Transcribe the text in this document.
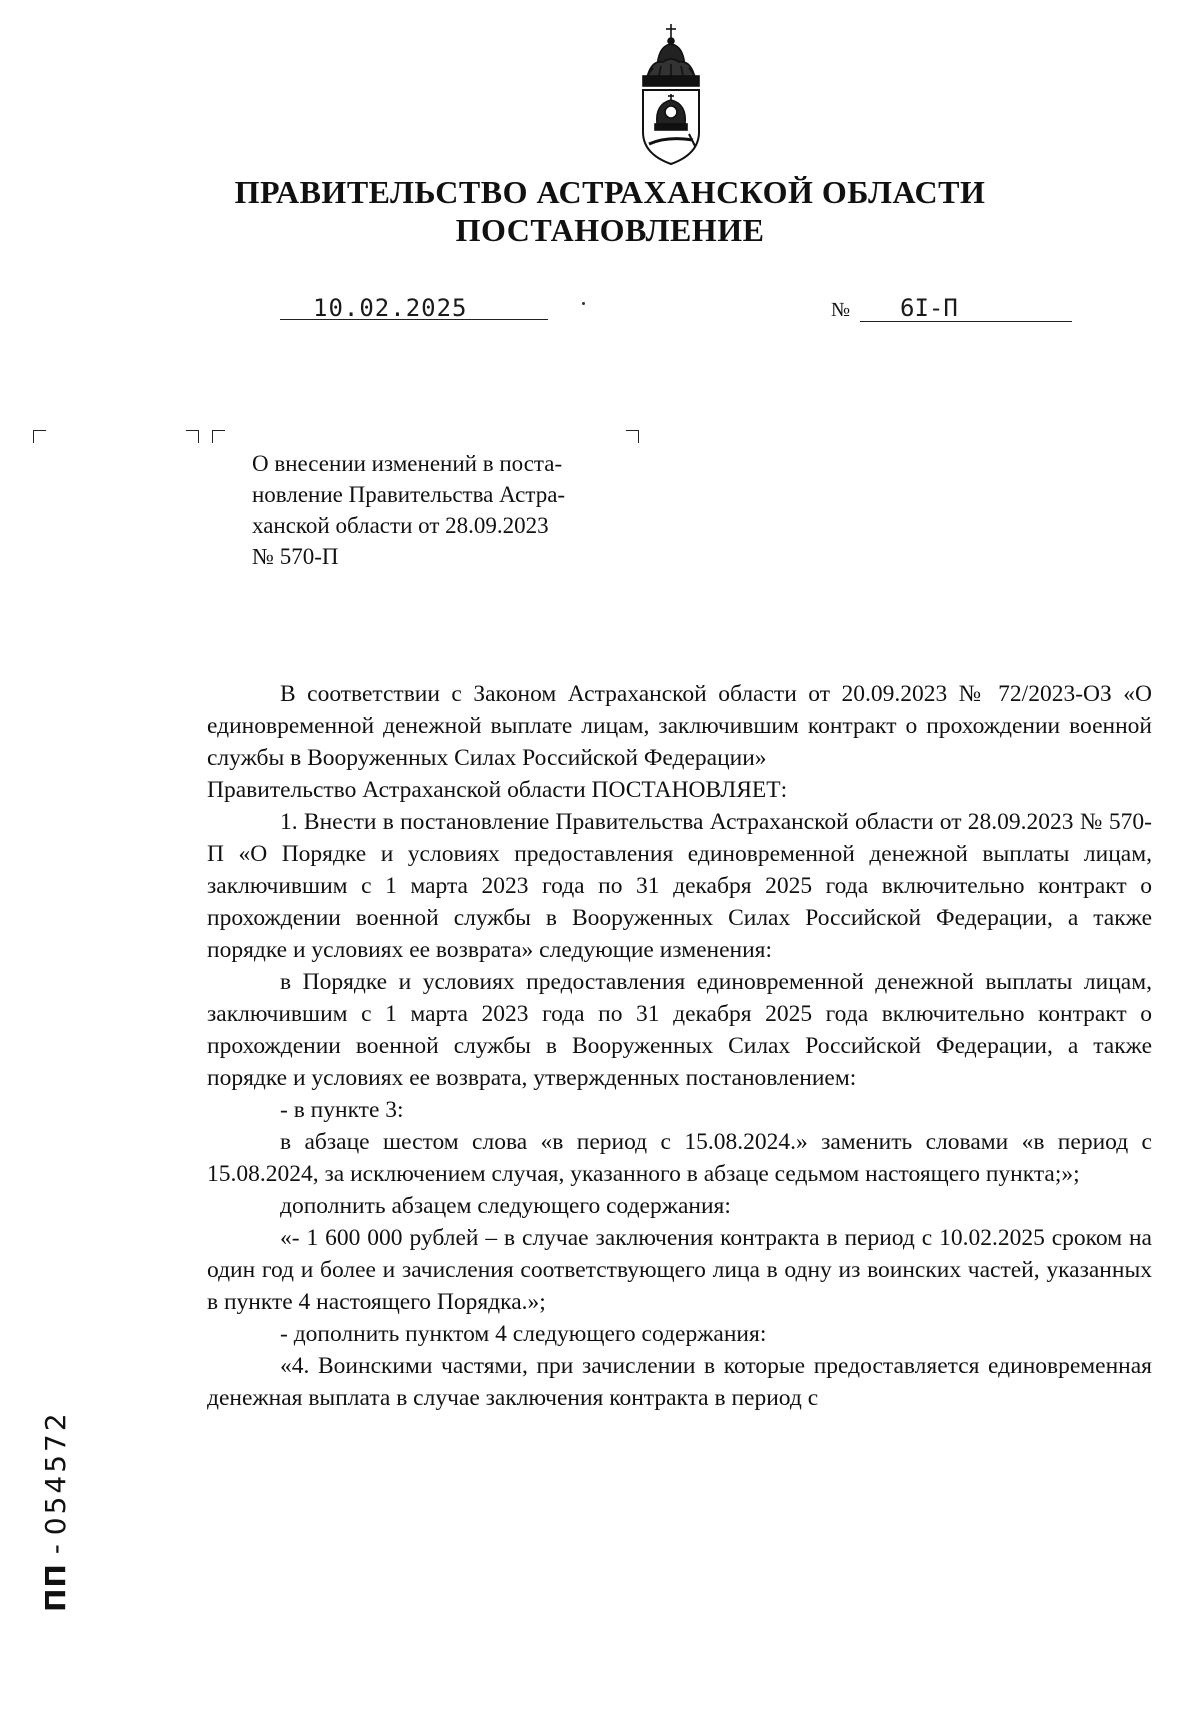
ПРАВИТЕЛЬСТВО АСТРАХАНСКОЙ ОБЛАСТИ
ПОСТАНОВЛЕНИЕ
10.02.2025	№ 6I-П
О внесении изменений в поста-
новление Правительства Астра-
ханской области от 28.09.2023
№ 570-П

В соответствии с Законом Астраханской области от 20.09.2023 № 72/2023-ОЗ «О единовременной денежной выплате лицам, заключившим контракт о прохождении военной службы в Вооруженных Силах Российской Федерации»

Правительство Астраханской области ПОСТАНОВЛЯЕТ:

1. Внести в постановление Правительства Астраханской области от 28.09.2023 № 570-П «О Порядке и условиях предоставления единовременной денежной выплаты лицам, заключившим с 1 марта 2023 года по 31 декабря 2025 года включительно контракт о прохождении военной службы в Вооруженных Силах Российской Федерации, а также порядке и условиях ее возврата» следующие изменения:

в Порядке и условиях предоставления единовременной денежной выплаты лицам, заключившим с 1 марта 2023 года по 31 декабря 2025 года включительно контракт о прохождении военной службы в Вооруженных Силах Российской Федерации, а также порядке и условиях ее возврата, утвержденных постановлением:

- в пункте 3:

в абзаце шестом слова «в период с 15.08.2024.» заменить словами «в период с 15.08.2024, за исключением случая, указанного в абзаце седьмом настоящего пункта;»;

дополнить абзацем следующего содержания:

«- 1 600 000 рублей – в случае заключения контракта в период с 10.02.2025 сроком на один год и более и зачисления соответствующего лица в одну из воинских частей, указанных в пункте 4 настоящего Порядка.»;

- дополнить пунктом 4 следующего содержания:

«4. Воинскими частями, при зачислении в которые предоставляется единовременная денежная выплата в случае заключения контракта в период с

ПП - 054572
